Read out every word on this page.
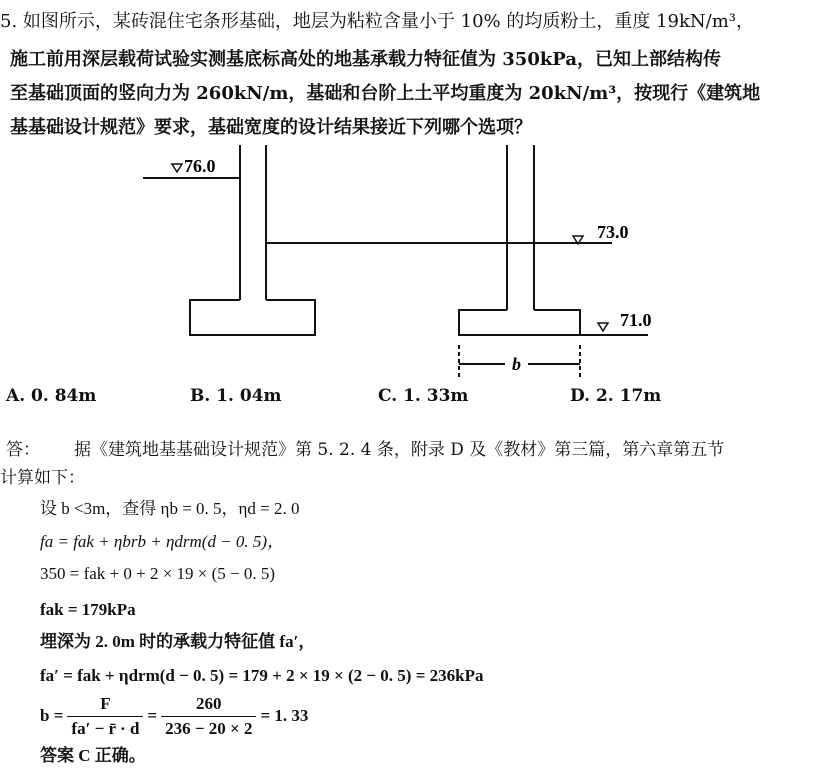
5. 如图所示，某砖混住宅条形基础，地层为粘粒含量小于 10% 的均质粉土，重度 19kN/m³，
施工前用深层载荷试验实测基底标高处的地基承载力特征值为 350kPa，已知上部结构传
至基础顶面的竖向力为 260kN/m，基础和台阶上土平均重度为 20kN/m³，按现行《建筑地
基基础设计规范》要求，基础宽度的设计结果接近下列哪个选项？
76.0
73.0
71.0
b
A. 0. 84m	B. 1. 04m	C. 1. 33m	D. 2. 17m
答： 据《建筑地基基础设计规范》第 5. 2. 4 条，附录 D 及《教材》第三篇，第六章第五节
计算如下：
设 b <3m，查得 ηb = 0. 5，ηd = 2. 0
fa = fak + ηbrb + ηdrm(d − 0. 5)，
350 = fak + 0 + 2 × 19 × (5 − 0. 5)
fak = 179kPa
埋深为 2. 0m 时的承载力特征值 fa′，
fa′ = fak + ηdrm(d − 0. 5) = 179 + 2 × 19 × (2 − 0. 5) = 236kPa
$b = \frac{F}{fa' - r̄ \cdot d} = \frac{260}{236 - 20 \times 2} = 1$. 33
答案 C 正确。
